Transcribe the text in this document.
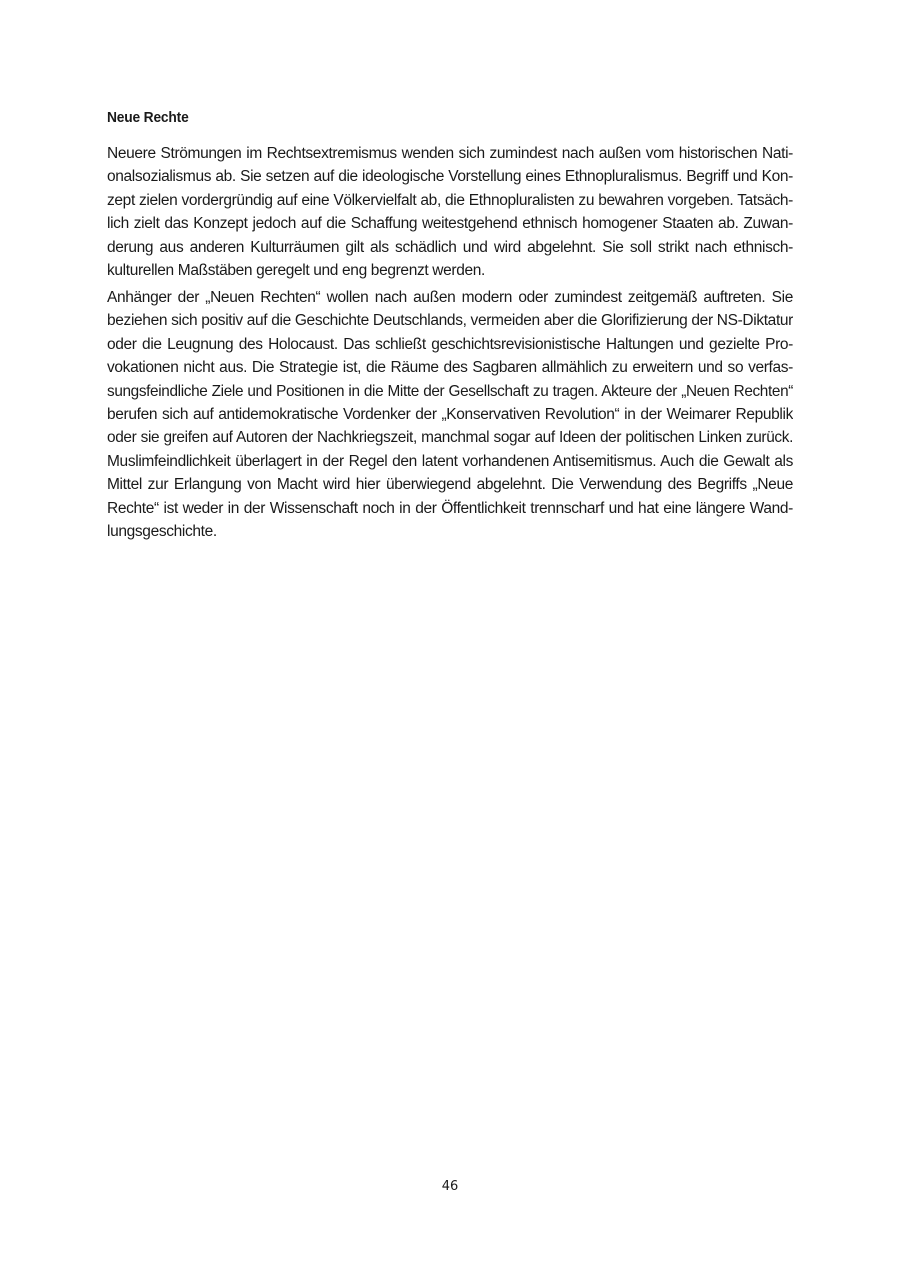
Neue Rechte
Neuere Strömungen im Rechtsextremismus wenden sich zumindest nach außen vom historischen Nati-
onalsozialismus ab. Sie setzen auf die ideologische Vorstellung eines Ethnopluralismus. Begriff und Kon-
zept zielen vordergründig auf eine Völkervielfalt ab, die Ethnopluralisten zu bewahren vorgeben. Tatsäch-
lich zielt das Konzept jedoch auf die Schaffung weitestgehend ethnisch homogener Staaten ab. Zuwan-
derung aus anderen Kulturräumen gilt als schädlich und wird abgelehnt. Sie soll strikt nach ethnisch-
kulturellen Maßstäben geregelt und eng begrenzt werden.
Anhänger der „Neuen Rechten“ wollen nach außen modern oder zumindest zeitgemäß auftreten. Sie
beziehen sich positiv auf die Geschichte Deutschlands, vermeiden aber die Glorifizierung der NS-Diktatur
oder die Leugnung des Holocaust. Das schließt geschichtsrevisionistische Haltungen und gezielte Pro-
vokationen nicht aus. Die Strategie ist, die Räume des Sagbaren allmählich zu erweitern und so verfas-
sungsfeindliche Ziele und Positionen in die Mitte der Gesellschaft zu tragen. Akteure der „Neuen Rechten“
berufen sich auf antidemokratische Vordenker der „Konservativen Revolution“ in der Weimarer Republik
oder sie greifen auf Autoren der Nachkriegszeit, manchmal sogar auf Ideen der politischen Linken zurück.
Muslimfeindlichkeit überlagert in der Regel den latent vorhandenen Antisemitismus. Auch die Gewalt als
Mittel zur Erlangung von Macht wird hier überwiegend abgelehnt. Die Verwendung des Begriffs „Neue
Rechte“ ist weder in der Wissenschaft noch in der Öffentlichkeit trennscharf und hat eine längere Wand-
lungsgeschichte.
46
